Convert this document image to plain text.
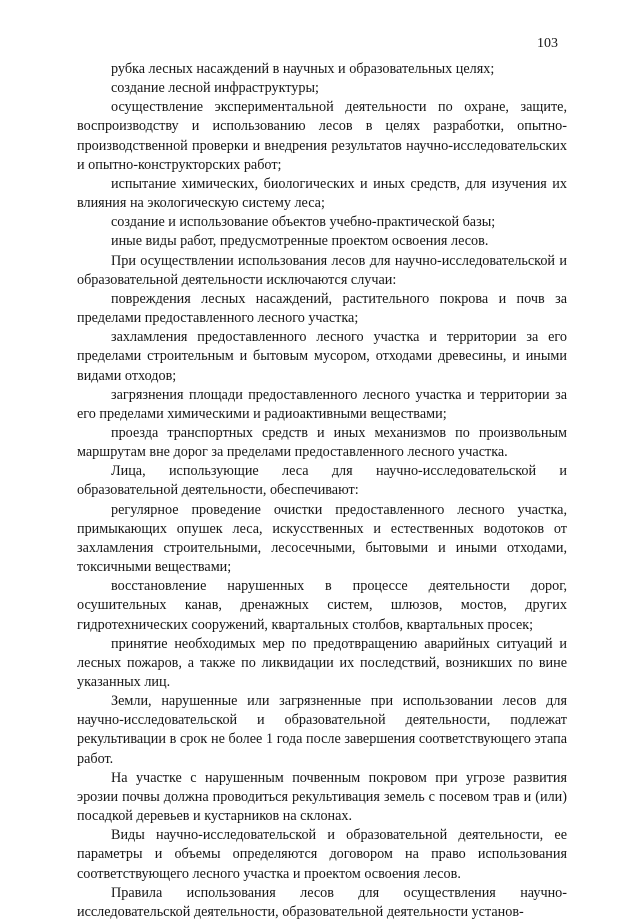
103

рубка лесных насаждений в научных и образовательных целях;

создание лесной инфраструктуры;

осуществление экспериментальной деятельности по охране, защите, воспроизводству и использованию лесов в целях разработки, опытно-производственной проверки и внедрения результатов научно-исследовательских и опытно-конструкторских работ;

испытание химических, биологических и иных средств, для изучения их влияния на экологическую систему леса;

создание и использование объектов учебно-практической базы;

иные виды работ, предусмотренные проектом освоения лесов.

При осуществлении использования лесов для научно-исследовательской и образовательной деятельности исключаются случаи:

повреждения лесных насаждений, растительного покрова и почв за пределами предоставленного лесного участка;

захламления предоставленного лесного участка и территории за его пределами строительным и бытовым мусором, отходами древесины, и иными видами отходов;

загрязнения площади предоставленного лесного участка и территории за его пределами химическими и радиоактивными веществами;

проезда транспортных средств и иных механизмов по произвольным маршрутам вне дорог за пределами предоставленного лесного участка.

Лица, использующие леса для научно-исследовательской и образовательной деятельности, обеспечивают:

регулярное проведение очистки предоставленного лесного участка, примыкающих опушек леса, искусственных и естественных водотоков от захламления строительными, лесосечными, бытовыми и иными отходами, токсичными веществами;

восстановление нарушенных в процессе деятельности дорог, осушительных канав, дренажных систем, шлюзов, мостов, других гидротехнических сооружений, квартальных столбов, квартальных просек;

принятие необходимых мер по предотвращению аварийных ситуаций и лесных пожаров, а также по ликвидации их последствий, возникших по вине указанных лиц.

Земли, нарушенные или загрязненные при использовании лесов для научно-исследовательской и образовательной деятельности, подлежат рекультивации в срок не более 1 года после завершения соответствующего этапа работ.

На участке с нарушенным почвенным покровом при угрозе развития эрозии почвы должна проводиться рекультивация земель с посевом трав и (или) посадкой деревьев и кустарников на склонах.

Виды научно-исследовательской и образовательной деятельности, ее параметры и объемы определяются договором на право использования соответствующего лесного участка и проектом освоения лесов.

Правила использования лесов для осуществления научно-исследовательской деятельности, образовательной деятельности установ-
